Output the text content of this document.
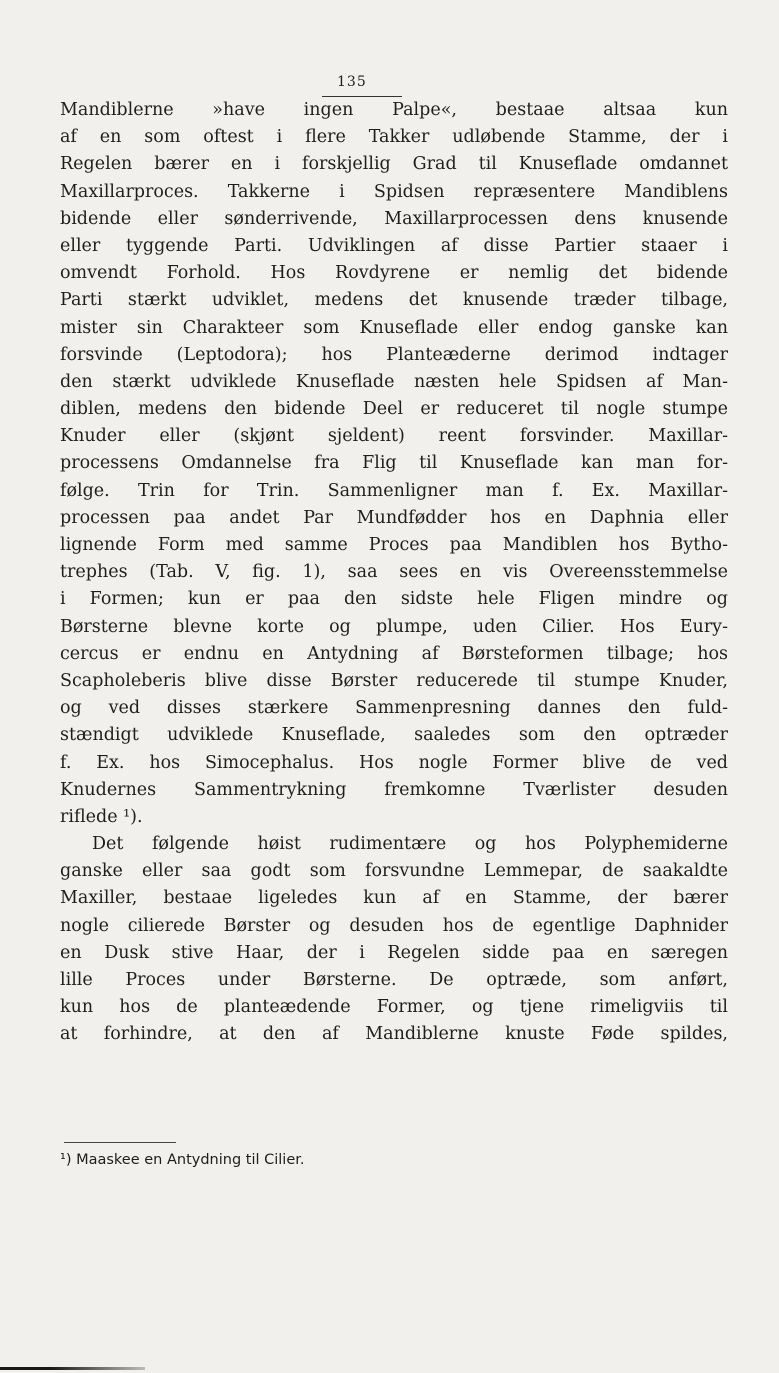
135
Mandiblerne »have ingen Palpe«, bestaae altsaa kun
af en som oftest i flere Takker udløbende Stamme, der i
Regelen bærer en i forskjellig Grad til Knuseflade omdannet
Maxillarproces. Takkerne i Spidsen repræsentere Mandiblens
bidende eller sønderrivende, Maxillarprocessen dens knusende
eller tyggende Parti. Udviklingen af disse Partier staaer i
omvendt Forhold. Hos Rovdyrene er nemlig det bidende
Parti stærkt udviklet, medens det knusende træder tilbage,
mister sin Charakteer som Knuseflade eller endog ganske kan
forsvinde (Leptodora); hos Planteæderne derimod indtager
den stærkt udviklede Knuseflade næsten hele Spidsen af Man-
diblen, medens den bidende Deel er reduceret til nogle stumpe
Knuder eller (skjønt sjeldent) reent forsvinder. Maxillar-
processens Omdannelse fra Flig til Knuseflade kan man for-
følge. Trin for Trin. Sammenligner man f. Ex. Maxillar-
processen paa andet Par Mundfødder hos en Daphnia eller
lignende Form med samme Proces paa Mandiblen hos Bytho-
trephes (Tab. V, fig. 1), saa sees en vis Overeensstemmelse
i Formen; kun er paa den sidste hele Fligen mindre og
Børsterne blevne korte og plumpe, uden Cilier. Hos Eury-
cercus er endnu en Antydning af Børsteformen tilbage; hos
Scapholeberis blive disse Børster reducerede til stumpe Knuder,
og ved disses stærkere Sammenpresning dannes den fuld-
stændigt udviklede Knuseflade, saaledes som den optræder
f. Ex. hos Simocephalus. Hos nogle Former blive de ved
Knudernes Sammentrykning fremkomne Tværlister desuden
riflede ¹).
Det følgende høist rudimentære og hos Polyphemiderne
ganske eller saa godt som forsvundne Lemmepar, de saakaldte
Maxiller, bestaae ligeledes kun af en Stamme, der bærer
nogle cilierede Børster og desuden hos de egentlige Daphnider
en Dusk stive Haar, der i Regelen sidde paa en særegen
lille Proces under Børsterne. De optræde, som anført,
kun hos de planteædende Former, og tjene rimeligviis til
at forhindre, at den af Mandiblerne knuste Føde spildes,
¹) Maaskee en Antydning til Cilier.
